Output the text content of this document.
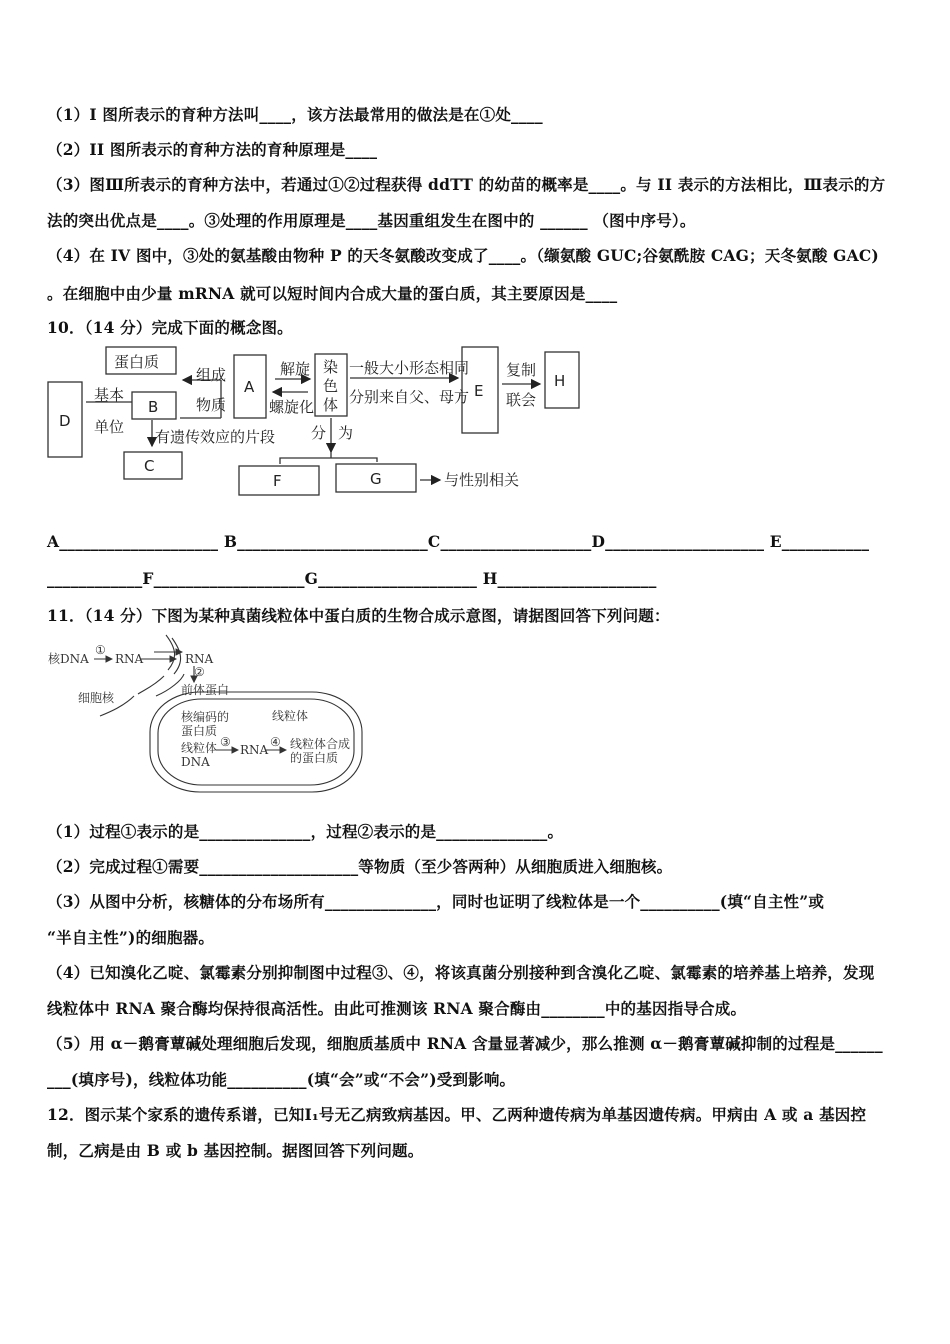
（1）I 图所表示的育种方法叫____，该方法最常用的做法是在①处____
（2）II 图所表示的育种方法的育种原理是____
（3）图Ⅲ所表示的育种方法中，若通过①②过程获得 ddTT 的幼苗的概率是____。与 II 表示的方法相比，Ⅲ表示的方
法的突出优点是____。③处理的作用原理是____基因重组发生在图中的 ______ （图中序号）。
（4）在 IV 图中，③处的氨基酸由物种 P 的天冬氨酸改变成了____。（缬氨酸 GUC;谷氨酰胺 CAG；天冬氨酸 GAC)
。在细胞中由少量 mRNA 就可以短时间内合成大量的蛋白质，其主要原因是____
10．（14 分）完成下面的概念图。
蛋白质
组成
物质
基本
单位
D
B
C
A
解旋
螺旋化
染
色
体
一般大小形态相同
分别来自父、母方 E
复制
联会
H
有遗传效应的片段 分 为
F	G	与性别相关
A____________________ B________________________C___________________D____________________ E___________
____________F___________________G____________________ H____________________
11．（14 分）下图为某种真菌线粒体中蛋白质的生物合成示意图，请据图回答下列问题：
核DNA
①
RNA	RNA
②
前体蛋白
细胞核
线粒体
核编码的
蛋白质
线粒体
DNA
③
RNA
④ 线粒体合成
的蛋白质
（1）过程①表示的是______________，过程②表示的是______________。
（2）完成过程①需要____________________等物质（至少答两种）从细胞质进入细胞核。
（3）从图中分析，核糖体的分布场所有______________，同时也证明了线粒体是一个__________(填“自主性”或
“半自主性”)的细胞器。
（4）已知溴化乙啶、氯霉素分别抑制图中过程③、④，将该真菌分别接种到含溴化乙啶、氯霉素的培养基上培养，发现
线粒体中 RNA 聚合酶均保持很高活性。由此可推测该 RNA 聚合酶由________中的基因指导合成。
（5）用 α－鹅膏蕈碱处理细胞后发现，细胞质基质中 RNA 含量显著减少，那么推测 α－鹅膏蕈碱抑制的过程是______
___(填序号)，线粒体功能__________(填“会”或“不会”)受到影响。
12．图示某个家系的遗传系谱，已知Ⅰ₁号无乙病致病基因。甲、乙两种遗传病为单基因遗传病。甲病由 A 或 a 基因控
制，乙病是由 B 或 b 基因控制。据图回答下列问题。
